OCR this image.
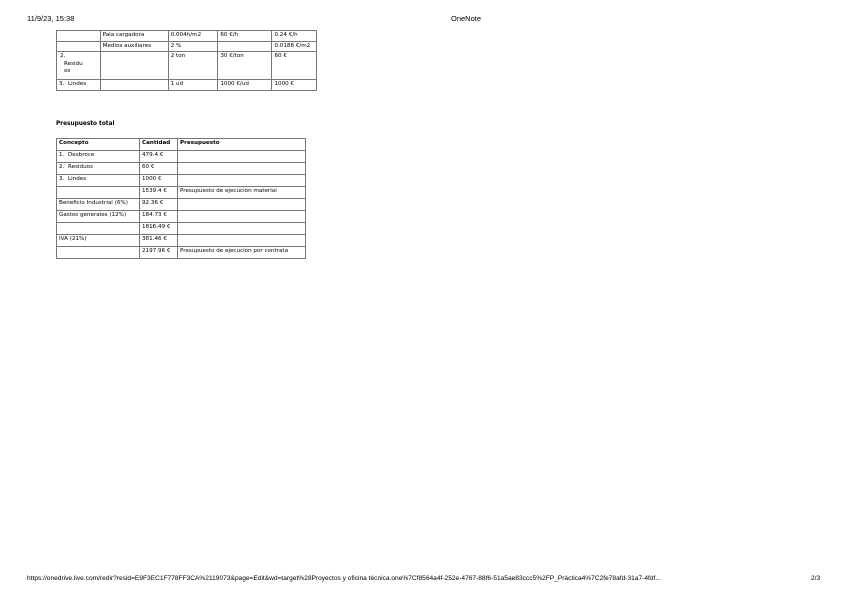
11/9/23, 15:38	OneNote
	Pala cargadora	0.004h/m2	60 €/h	0.24 €/h
	Medios auxiliares	2 %		0.0188 €/m2

2.
Residu os		2 ton	30 €/ton	60 €
3. Lindes		1 ud	1000 €/ud	1000 €
Presupuesto total
Concepto	Cantidad	Presupuesto
1. Desbroce	479.4 €	
2. Residuos	60 €	
3. Lindes	1000 €	
	1539.4 €	Presupuesto de ejecución material
Beneficio Industrial (6%)	92.36 €	
Gastos generales (12%)	184.73 €	
	1816.49 €	
IVA (21%)	381.46 €	
	2197.96 €	Presupuesto de ejecución por contrata
https://onedrive.live.com/redir?resid=E9F3EC1F778FF3CA%2119073&page=Edit&wd=target%28Proyectos y oficina técnica.one%7Cf8564a4f-252e-4767-88f6-51a5ae83ccc5%2FP_Práctica4%7C2fe78afd-31a7-4fdf...	2/3
